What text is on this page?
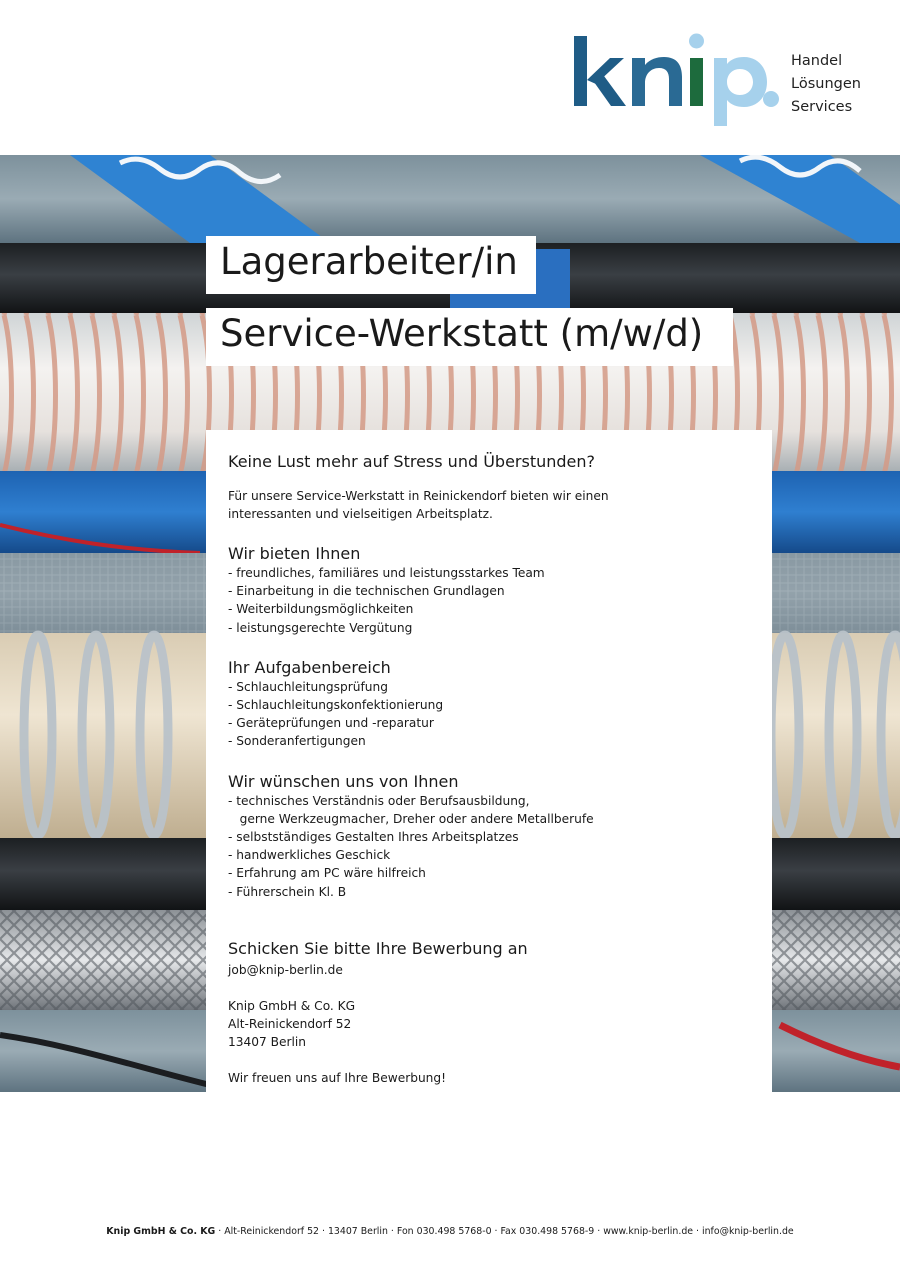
Handel
Lösungen
Services
Lagerarbeiter/in
Service-Werkstatt (m/w/d)
Keine Lust mehr auf Stress und Überstunden?
Für unsere Service-Werkstatt in Reinickendorf bieten wir einen
interessanten und vielseitigen Arbeitsplatz.
Wir bieten Ihnen
- freundliches, familiäres und leistungsstarkes Team
- Einarbeitung in die technischen Grundlagen
- Weiterbildungsmöglichkeiten
- leistungsgerechte Vergütung
Ihr Aufgabenbereich
- Schlauchleitungsprüfung
- Schlauchleitungskonfektionierung
- Geräteprüfungen und -reparatur
- Sonderanfertigungen
Wir wünschen uns von Ihnen
- technisches Verständnis oder Berufsausbildung,
gerne Werkzeugmacher, Dreher oder andere Metallberufe
- selbstständiges Gestalten Ihres Arbeitsplatzes
- handwerkliches Geschick
- Erfahrung am PC wäre hilfreich
- Führerschein Kl. B
Schicken Sie bitte Ihre Bewerbung an
job@knip-berlin.de
Knip GmbH & Co. KG
Alt-Reinickendorf 52
13407 Berlin
Wir freuen uns auf Ihre Bewerbung!
Knip GmbH & Co. KG · Alt-Reinickendorf 52 · 13407 Berlin · Fon 030.498 5768-0 · Fax 030.498 5768-9 · www.knip-berlin.de · info@knip-berlin.de
